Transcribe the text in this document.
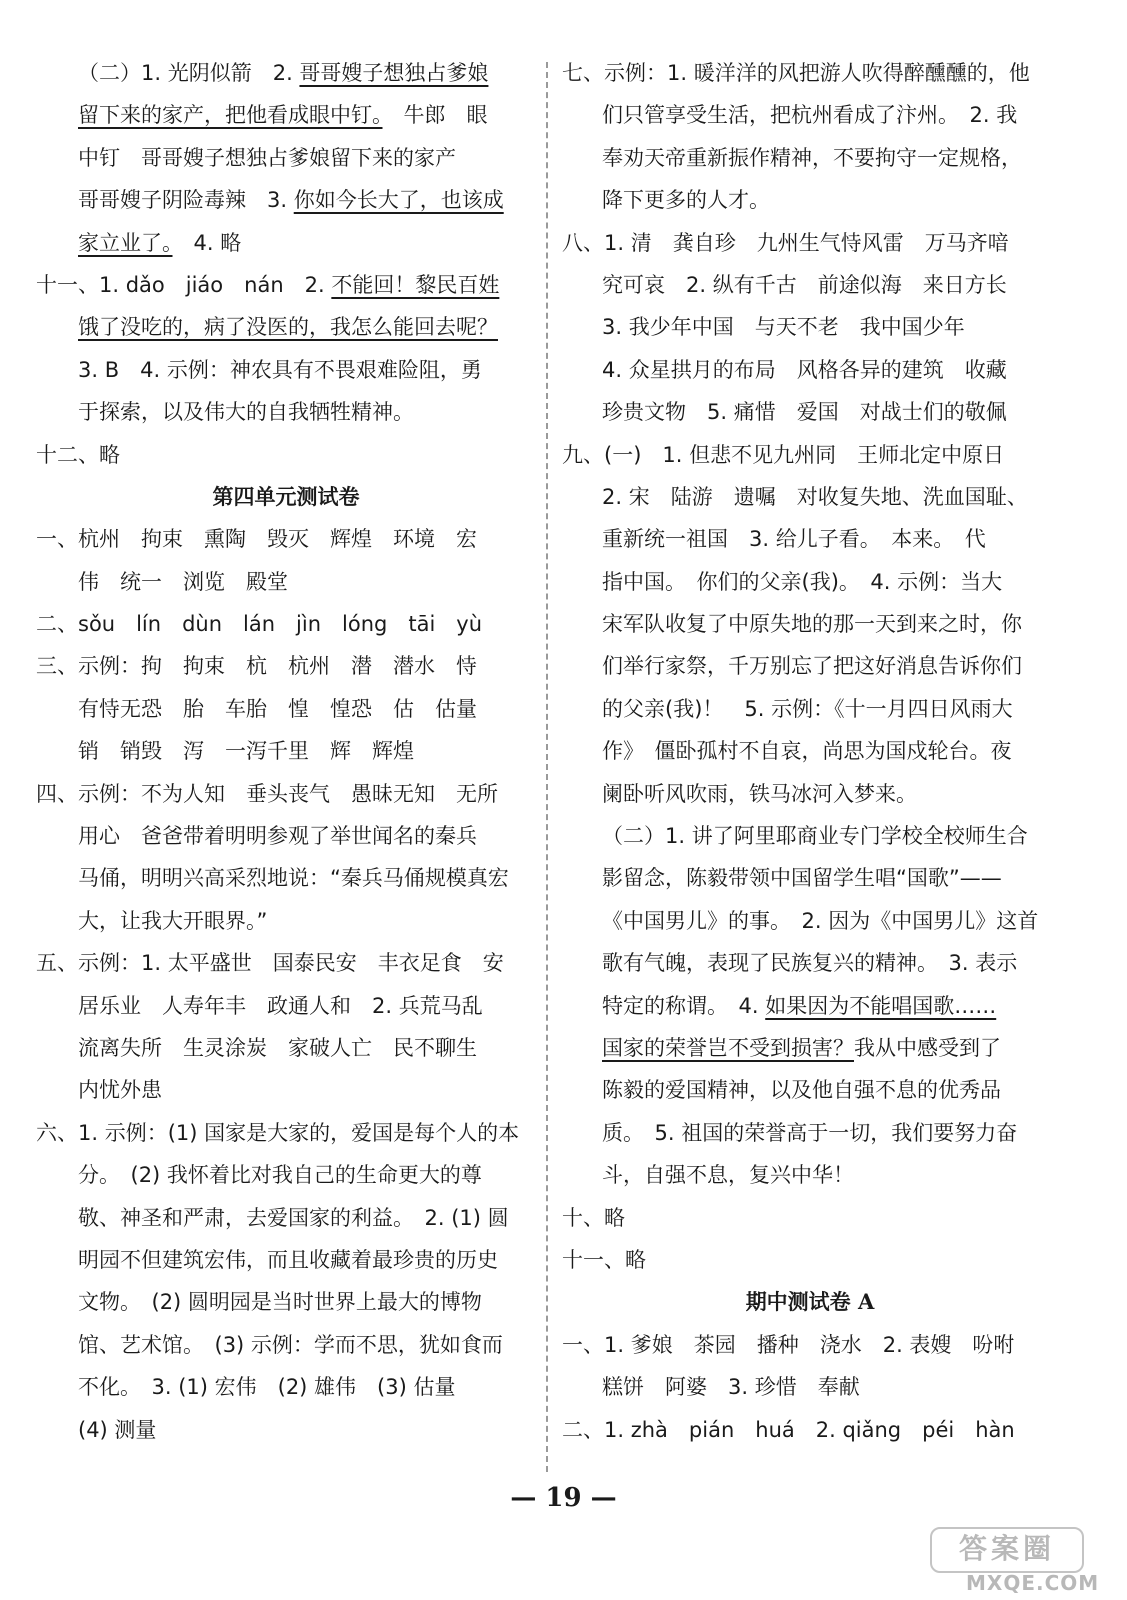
（二）1. 光阴似箭　2. 哥哥嫂子想独占爹娘
留下来的家产，把他看成眼中钉。　牛郎　眼
中钉　哥哥嫂子想独占爹娘留下来的家产
哥哥嫂子阴险毒辣　3. 你如今长大了，也该成
家立业了。　4. 略
十一、1. dǎo　jiáo　nán　2. 不能回！黎民百姓
饿了没吃的，病了没医的，我怎么能回去呢？
3. B　4. 示例：神农具有不畏艰难险阻，勇
于探索，以及伟大的自我牺牲精神。
十二、略
第四单元测试卷
一、杭州　拘束　熏陶　毁灭　辉煌　环境　宏
伟　统一　浏览　殿堂
二、sǒu　lín　dùn　lán　jìn　lóng　tāi　yù
三、示例：拘　拘束　杭　杭州　潜　潜水　恃
有恃无恐　胎　车胎　惶　惶恐　估　估量
销　销毁　泻　一泻千里　辉　辉煌
四、示例：不为人知　垂头丧气　愚昧无知　无所
用心　爸爸带着明明参观了举世闻名的秦兵
马俑，明明兴高采烈地说：“秦兵马俑规模真宏
大，让我大开眼界。”
五、示例：1. 太平盛世　国泰民安　丰衣足食　安
居乐业　人寿年丰　政通人和　2. 兵荒马乱
流离失所　生灵涂炭　家破人亡　民不聊生
内忧外患
六、1. 示例：(1) 国家是大家的，爱国是每个人的本
分。　(2) 我怀着比对我自己的生命更大的尊
敬、神圣和严肃，去爱国家的利益。　2. (1) 圆
明园不但建筑宏伟，而且收藏着最珍贵的历史
文物。　(2) 圆明园是当时世界上最大的博物
馆、艺术馆。　(3) 示例：学而不思，犹如食而
不化。　3. (1) 宏伟　(2) 雄伟　(3) 估量
(4) 测量
七、示例：1. 暖洋洋的风把游人吹得醉醺醺的，他
们只管享受生活，把杭州看成了汴州。　2. 我
奉劝天帝重新振作精神，不要拘守一定规格，
降下更多的人才。
八、1. 清　龚自珍　九州生气恃风雷　万马齐喑
究可哀　2. 纵有千古　前途似海　来日方长
3. 我少年中国　与天不老　我中国少年
4. 众星拱月的布局　风格各异的建筑　收藏
珍贵文物　5. 痛惜　爱国　对战士们的敬佩
九、(一)　1. 但悲不见九州同　王师北定中原日
2. 宋　陆游　遗嘱　对收复失地、洗血国耻、
重新统一祖国　3. 给儿子看。　本来。　代
指中国。　你们的父亲(我)。　4. 示例：当大
宋军队收复了中原失地的那一天到来之时，你
们举行家祭，千万别忘了把这好消息告诉你们
的父亲(我)！　5. 示例：《十一月四日风雨大
作》　僵卧孤村不自哀，尚思为国戍轮台。夜
阑卧听风吹雨，铁马冰河入梦来。
（二）1. 讲了阿里耶商业专门学校全校师生合
影留念，陈毅带领中国留学生唱“国歌”——
《中国男儿》的事。　2. 因为《中国男儿》这首
歌有气魄，表现了民族复兴的精神。　3. 表示
特定的称谓。　4. 如果因为不能唱国歌……
国家的荣誉岂不受到损害？我从中感受到了
陈毅的爱国精神，以及他自强不息的优秀品
质。　5. 祖国的荣誉高于一切，我们要努力奋
斗，自强不息，复兴中华！
十、略
十一、略
期中测试卷 A
一、1. 爹娘　茶园　播种　浇水　2. 表嫂　吩咐
糕饼　阿婆　3. 珍惜　奉献
二、1. zhà　pián　huá　2. qiǎng　péi　hàn
— 19 —
答案圈
MXQE.COM
